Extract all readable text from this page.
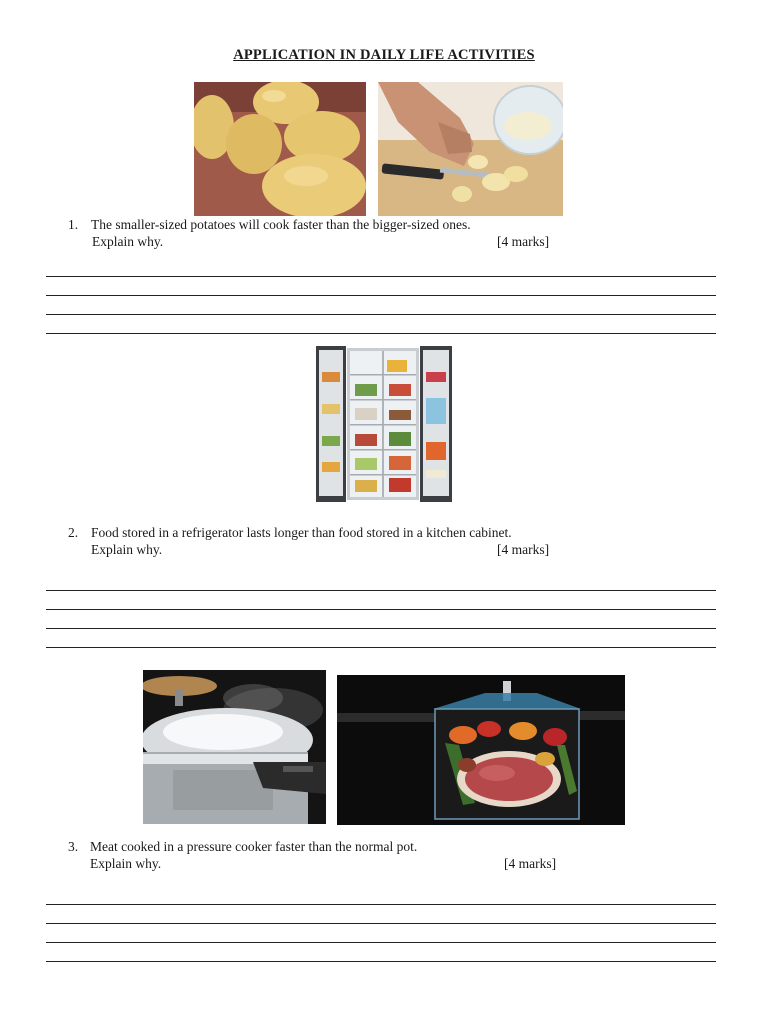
APPLICATION IN DAILY LIFE ACTIVITIES
1. The smaller-sized potatoes will cook faster than the bigger-sized ones.
Explain why.	[4 marks]
2. Food stored in a refrigerator lasts longer than food stored in a kitchen cabinet.
Explain why.	[4 marks]
3. Meat cooked in a pressure cooker faster than the normal pot.
Explain why.	[4 marks]
